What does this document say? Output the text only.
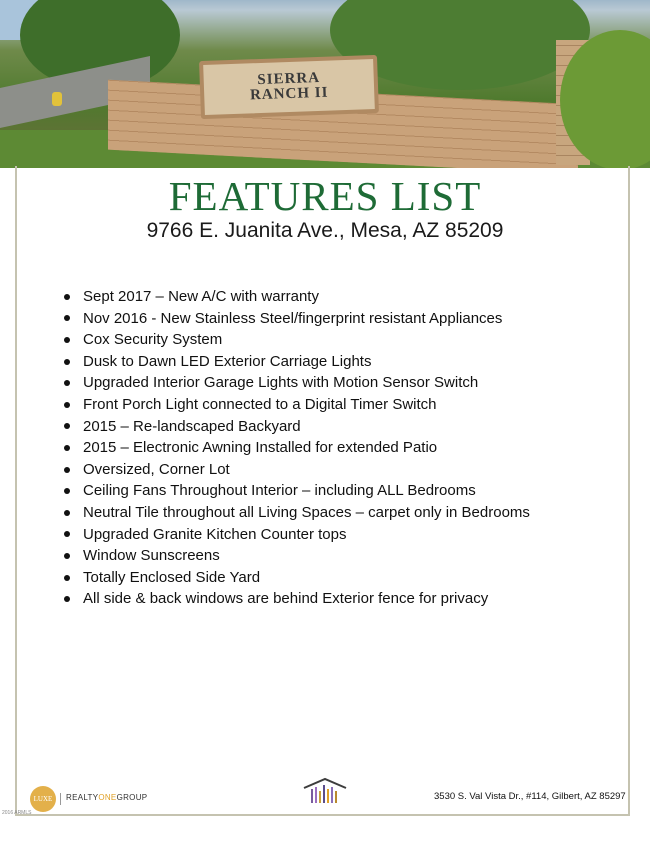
SIERRA
RANCH II
FEATURES LIST
9766 E. Juanita Ave., Mesa, AZ 85209
Sept 2017 – New A/C with warranty
Nov 2016 - New Stainless Steel/fingerprint resistant Appliances
Cox Security System
Dusk to Dawn LED Exterior Carriage Lights
Upgraded Interior Garage Lights with Motion Sensor Switch
Front Porch Light connected to a Digital Timer Switch
2015 – Re-landscaped Backyard
2015 – Electronic Awning Installed for extended Patio
Oversized, Corner Lot
Ceiling Fans Throughout Interior – including ALL Bedrooms
Neutral Tile throughout all Living Spaces – carpet only in Bedrooms
Upgraded Granite Kitchen Counter tops
Window Sunscreens
Totally Enclosed Side Yard
All side & back windows are behind Exterior fence for privacy
LUXE REALTYONEGROUP	3530 S. Val Vista Dr., #114, Gilbert, AZ 85297
2016 ARMLS
